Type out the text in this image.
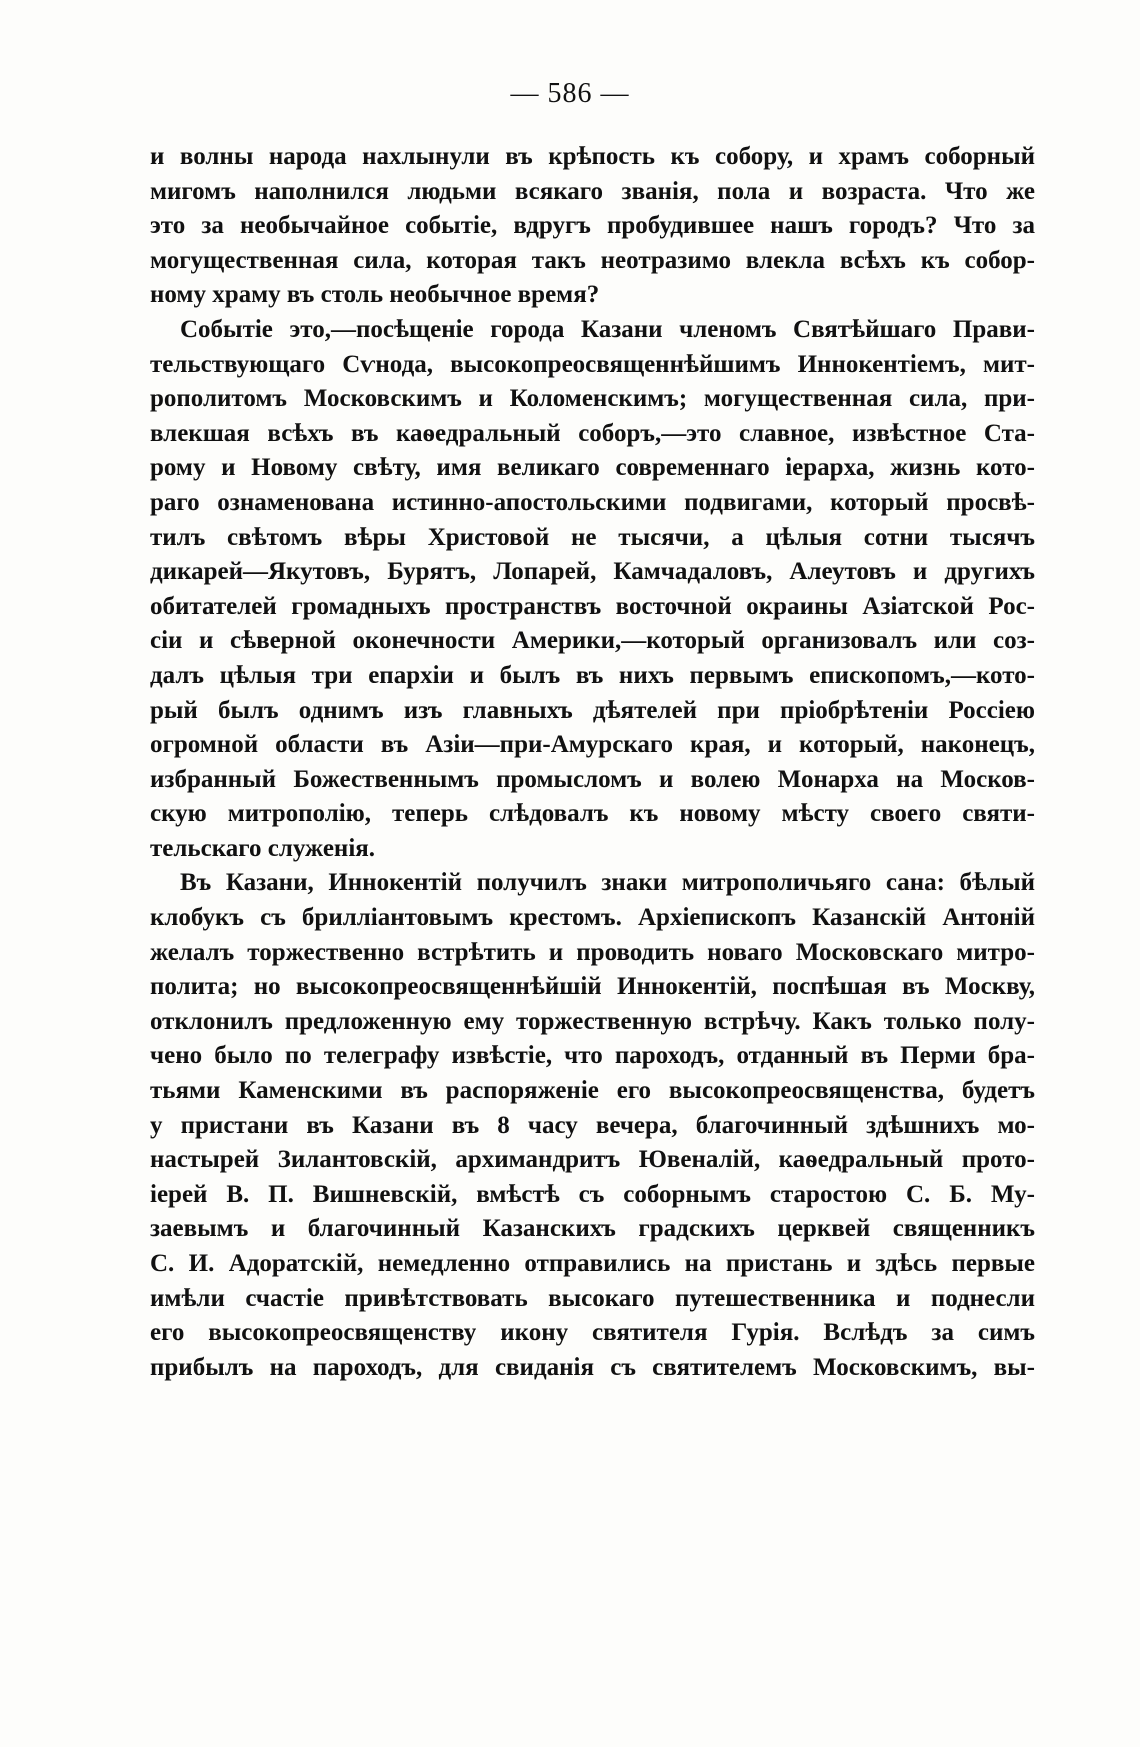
— 586 —
и волны народа нахлынули въ крѣпость къ собору, и храмъ соборный
мигомъ наполнился людьми всякаго званія, пола и возраста. Что же
это за необычайное событіе, вдругъ пробудившее нашъ городъ? Что за
могущественная сила, которая такъ неотразимо влекла всѣхъ къ собор-
ному храму въ столь необычное время?
Событіе это,—посѣщеніе города Казани членомъ Святѣйшаго Прави-
тельствующаго Сѵнода, высокопреосвященнѣйшимъ Иннокентіемъ, мит-
рополитомъ Московскимъ и Коломенскимъ; могущественная сила, при-
влекшая всѣхъ въ каѳедральный соборъ,—это славное, извѣстное Ста-
рому и Новому свѣту, имя великаго современнаго іерарха, жизнь кото-
раго ознаменована истинно-апостольскими подвигами, который просвѣ-
тилъ свѣтомъ вѣры Христовой не тысячи, а цѣлыя сотни тысячъ
дикарей—Якутовъ, Бурятъ, Лопарей, Камчадаловъ, Алеутовъ и другихъ
обитателей громадныхъ пространствъ восточной окраины Азіатской Рос-
сіи и сѣверной оконечности Америки,—который организовалъ или соз-
далъ цѣлыя три епархіи и былъ въ нихъ первымъ епископомъ,—кото-
рый былъ однимъ изъ главныхъ дѣятелей при пріобрѣтеніи Россіею
огромной области въ Азіи—при-Амурскаго края, и который, наконецъ,
избранный Божественнымъ промысломъ и волею Монарха на Москов-
скую митрополію, теперь слѣдовалъ къ новому мѣсту своего святи-
тельскаго служенія.
Въ Казани, Иннокентій получилъ знаки митрополичьяго сана: бѣлый
клобукъ съ бриллiантовымъ крестомъ. Архіепископъ Казанскій Антоній
желалъ торжественно встрѣтить и проводить новаго Московскаго митро-
полита; но высокопреосвященнѣйшій Иннокентій, поспѣшая въ Москву,
отклонилъ предложенную ему торжественную встрѣчу. Какъ только полу-
чено было по телеграфу извѣстіе, что пароходъ, отданный въ Перми бра-
тьями Каменскими въ распоряженіе его высокопреосвященства, будетъ
у пристани въ Казани въ 8 часу вечера, благочинный здѣшнихъ мо-
настырей Зилантовскій, архимандритъ Ювеналій, каѳедральный прото-
іерей В. П. Вишневскій, вмѣстѣ съ соборнымъ старостою С. Б. Му-
заевымъ и благочинный Казанскихъ градскихъ церквей священникъ
С. И. Адоратскій, немедленно отправились на пристань и здѣсь первые
имѣли счастіе привѣтствовать высокаго путешественника и поднесли
его высокопреосвященству икону святителя Гурія. Вслѣдъ за симъ
прибылъ на пароходъ, для свиданія съ святителемъ Московскимъ, вы-
